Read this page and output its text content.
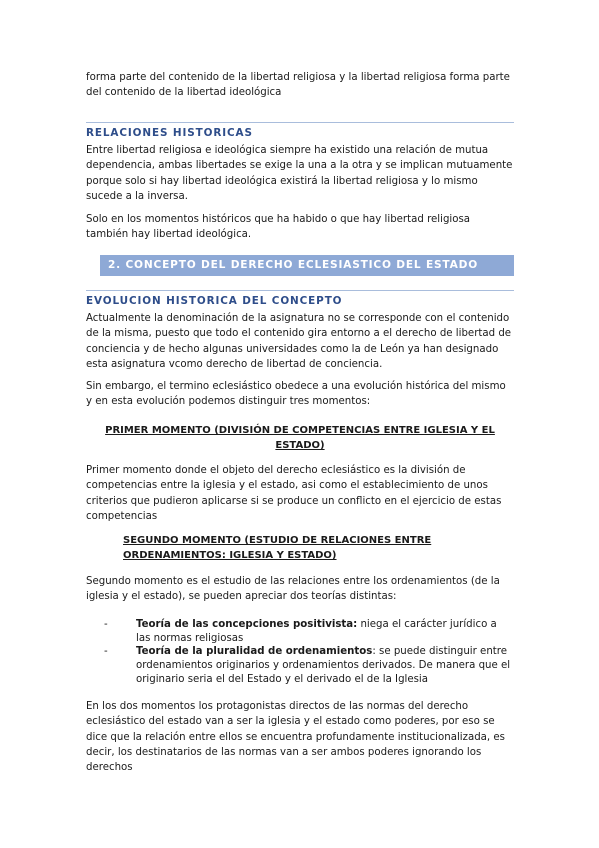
forma parte del contenido de la libertad religiosa y la libertad religiosa forma parte del contenido de la libertad ideológica

RELACIONES HISTORICAS

Entre libertad religiosa e ideológica siempre ha existido una relación de mutua dependencia, ambas libertades se exige la una a la otra y se implican mutuamente porque solo si hay libertad ideológica existirá la libertad religiosa y lo mismo sucede a la inversa.

Solo en los momentos históricos que ha habido o que hay libertad religiosa también hay libertad ideológica.

2. CONCEPTO DEL DERECHO ECLESIASTICO DEL ESTADO

EVOLUCION HISTORICA DEL CONCEPTO

Actualmente la denominación de la asignatura no se corresponde con el contenido de la misma, puesto que todo el contenido gira entorno a el derecho de libertad de conciencia y de hecho algunas universidades como la de León ya han designado esta asignatura vcomo derecho de libertad de conciencia.

Sin embargo, el termino eclesiástico obedece a una evolución histórica del mismo y en esta evolución podemos distinguir tres momentos:

PRIMER MOMENTO (DIVISIÓN DE COMPETENCIAS ENTRE IGLESIA Y EL ESTADO)

Primer momento donde el objeto del derecho eclesiástico es la división de competencias entre la iglesia y el estado, asi como el establecimiento de unos criterios que pudieron aplicarse si se produce un conflicto en el ejercicio de estas competencias

SEGUNDO MOMENTO (ESTUDIO DE RELACIONES ENTRE ORDENAMIENTOS: IGLESIA Y ESTADO)

Segundo momento es el estudio de las relaciones entre los ordenamientos (de la iglesia y el estado), se pueden apreciar dos teorías distintas:

-	Teoría de las concepciones positivista: niega el carácter jurídico a las normas religiosas
-	Teoría de la pluralidad de ordenamientos: se puede distinguir entre ordenamientos originarios y ordenamientos derivados. De manera que el originario seria el del Estado y el derivado el de la Iglesia

En los dos momentos los protagonistas directos de las normas del derecho eclesiástico del estado van a ser la iglesia y el estado como poderes, por eso se dice que la relación entre ellos se encuentra profundamente institucionalizada, es decir, los destinatarios de las normas van a ser ambos poderes ignorando los derechos
